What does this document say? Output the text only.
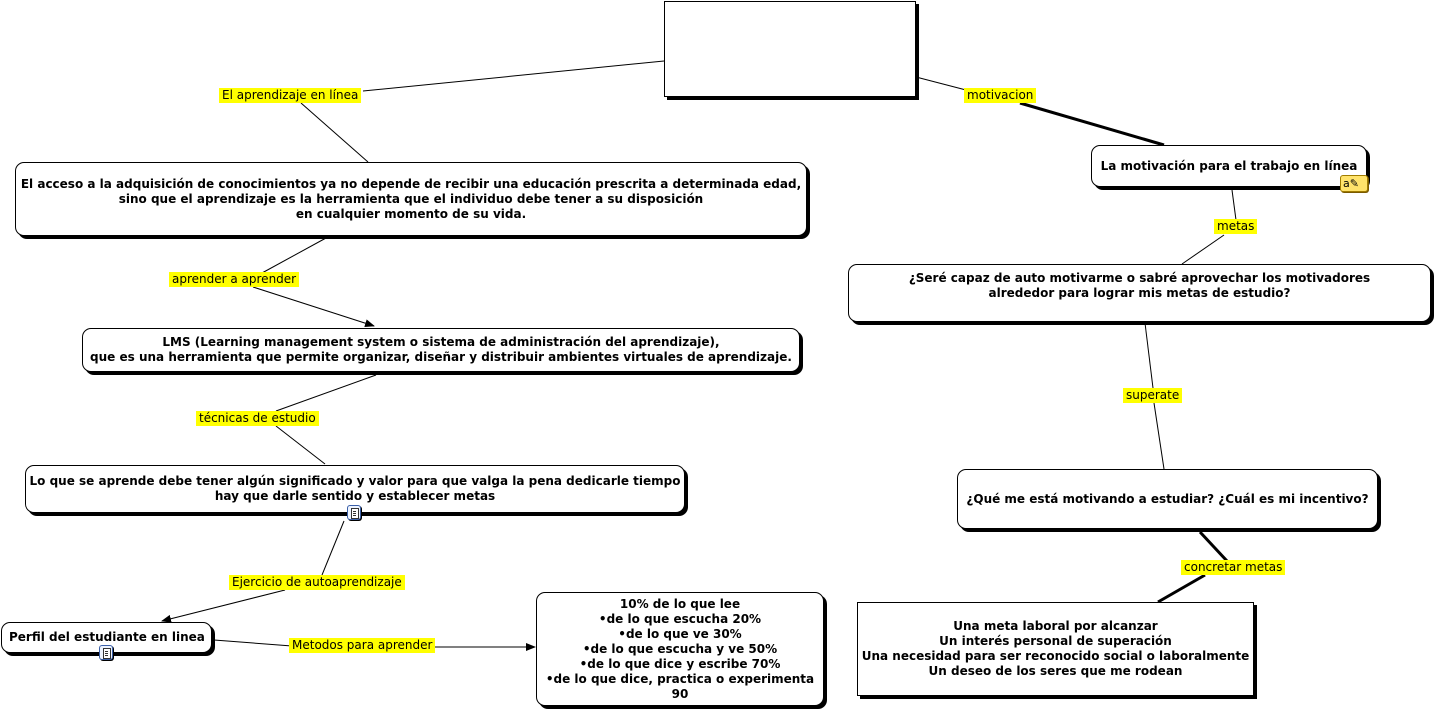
El acceso a la adquisición de conocimientos ya no depende de recibir una educación prescrita a determinada edad,
sino que el aprendizaje es la herramienta que el individuo debe tener a su disposición
en cualquier momento de su vida.
LMS (Learning management system o sistema de administración del aprendizaje),
que es una herramienta que permite organizar, diseñar y distribuir ambientes virtuales de aprendizaje.
Lo que se aprende debe tener algún significado y valor para que valga la pena dedicarle tiempo
hay que darle sentido y establecer metas
Perfil del estudiante en linea
10% de lo que lee
•de lo que escucha 20%
•de lo que ve 30%
•de lo que escucha y ve 50%
•de lo que dice y escribe 70%
•de lo que dice, practica o experimenta
90
La motivación para el trabajo en línea
a✎
¿Seré capaz de auto motivarme o sabré aprovechar los motivadores
alrededor para lograr mis metas de estudio?
¿Qué me está motivando a estudiar? ¿Cuál es mi incentivo?
Una meta laboral por alcanzar
Un interés personal de superación
Una necesidad para ser reconocido social o laboralmente
Un deseo de los seres que me rodean
El aprendizaje en línea	motivacion
aprender a aprender
técnicas de estudio
Ejercicio de autoaprendizaje
Metodos para aprender
metas
superate
concretar metas
